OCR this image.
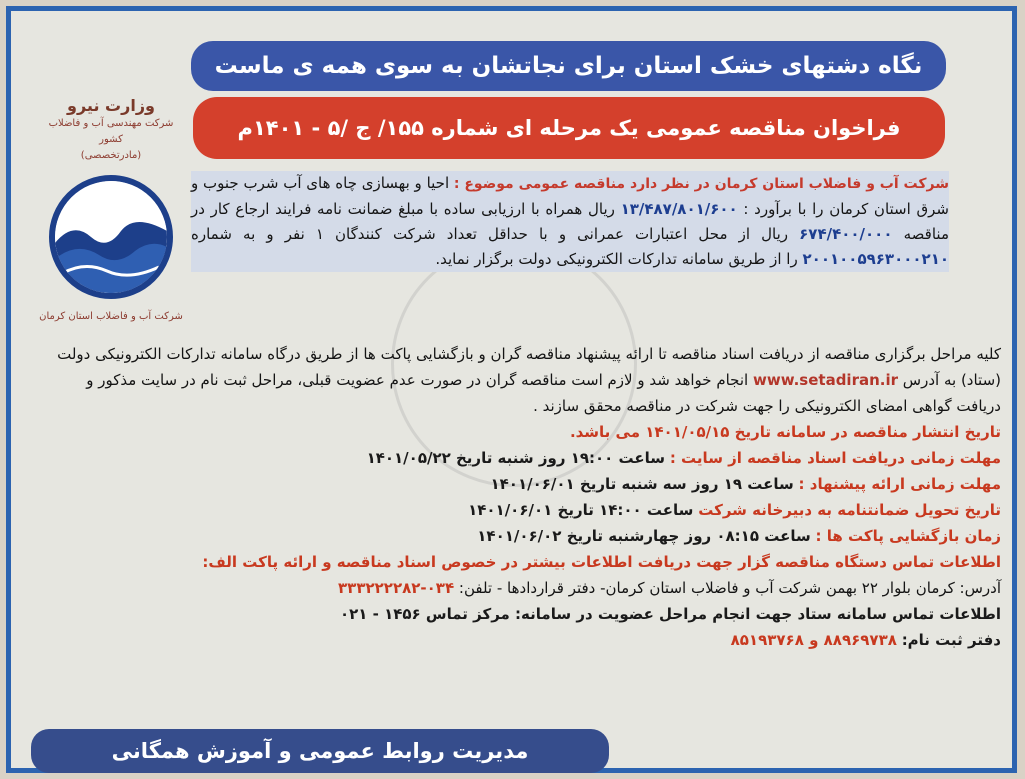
نگاه دشتهای خشک استان برای نجاتشان به سوی همه ی ماست
فراخوان مناقصه عمومی یک مرحله ای شماره ۱۵۵/ ج /۵ - ۱۴۰۱م
وزارت نیرو
شرکت مهندسی آب و فاضلاب
کشور
(مادرتخصصی)
شرکت آب و فاضلاب استان کرمان
شرکت آب و فاضلاب استان کرمان در نظر دارد مناقصه عمومی موضوع : احیا و بهسازی چاه های آب شرب جنوب و شرق استان کرمان را با برآورد : ۱۳/۴۸۷/۸۰۱/۶۰۰ ریال همراه با ارزیابی ساده با مبلغ ضمانت نامه فرایند ارجاع کار در مناقصه ۶۷۴/۴۰۰/۰۰۰ ریال از محل اعتبارات عمرانی و با حداقل تعداد شرکت کنندگان ۱ نفر و به شماره ۲۰۰۱۰۰۵۹۶۳۰۰۰۲۱۰ را از طریق سامانه تدارکات الکترونیکی دولت برگزار نماید.

کلیه مراحل برگزاری مناقصه از دریافت اسناد مناقصه تا ارائه پیشنهاد مناقصه گران و بازگشایی پاکت ها از طریق درگاه سامانه تدارکات الکترونیکی دولت (ستاد) به آدرس www.setadiran.ir انجام خواهد شد و لازم است مناقصه گران در صورت عدم عضویت قبلی، مراحل ثبت نام در سایت مذکور و دریافت گواهی امضای الکترونیکی را جهت شرکت در مناقصه محقق سازند .

تاریخ انتشار مناقصه در سامانه تاریخ ۱۴۰۱/۰۵/۱۵ می باشد.

مهلت زمانی دریافت اسناد مناقصه از سایت : ساعت ۱۹:۰۰ روز شنبه تاریخ ۱۴۰۱/۰۵/۲۲

مهلت زمانی ارائه پیشنهاد : ساعت ۱۹ روز سه شنبه تاریخ ۱۴۰۱/۰۶/۰۱

تاریخ تحویل ضمانتنامه به دبیرخانه شرکت ساعت ۱۴:۰۰ تاریخ ۱۴۰۱/۰۶/۰۱

زمان بازگشایی پاکت ها : ساعت ۰۸:۱۵ روز چهارشنبه تاریخ ۱۴۰۱/۰۶/۰۲

اطلاعات تماس دستگاه مناقصه گزار جهت دریافت اطلاعات بیشتر در خصوص اسناد مناقصه و ارائه پاکت الف:

آدرس: کرمان بلوار ۲۲ بهمن شرکت آب و فاضلاب استان کرمان- دفتر قراردادها - تلفن: ۰۳۴-۳۳۳۲۲۲۲۸۲

اطلاعات تماس سامانه ستاد جهت انجام مراحل عضویت در سامانه: مرکز تماس ۱۴۵۶ - ۰۲۱

دفتر ثبت نام: ۸۸۹۶۹۷۳۸ و ۸۵۱۹۳۷۶۸

مدیریت روابط عمومی و آموزش همگانی
